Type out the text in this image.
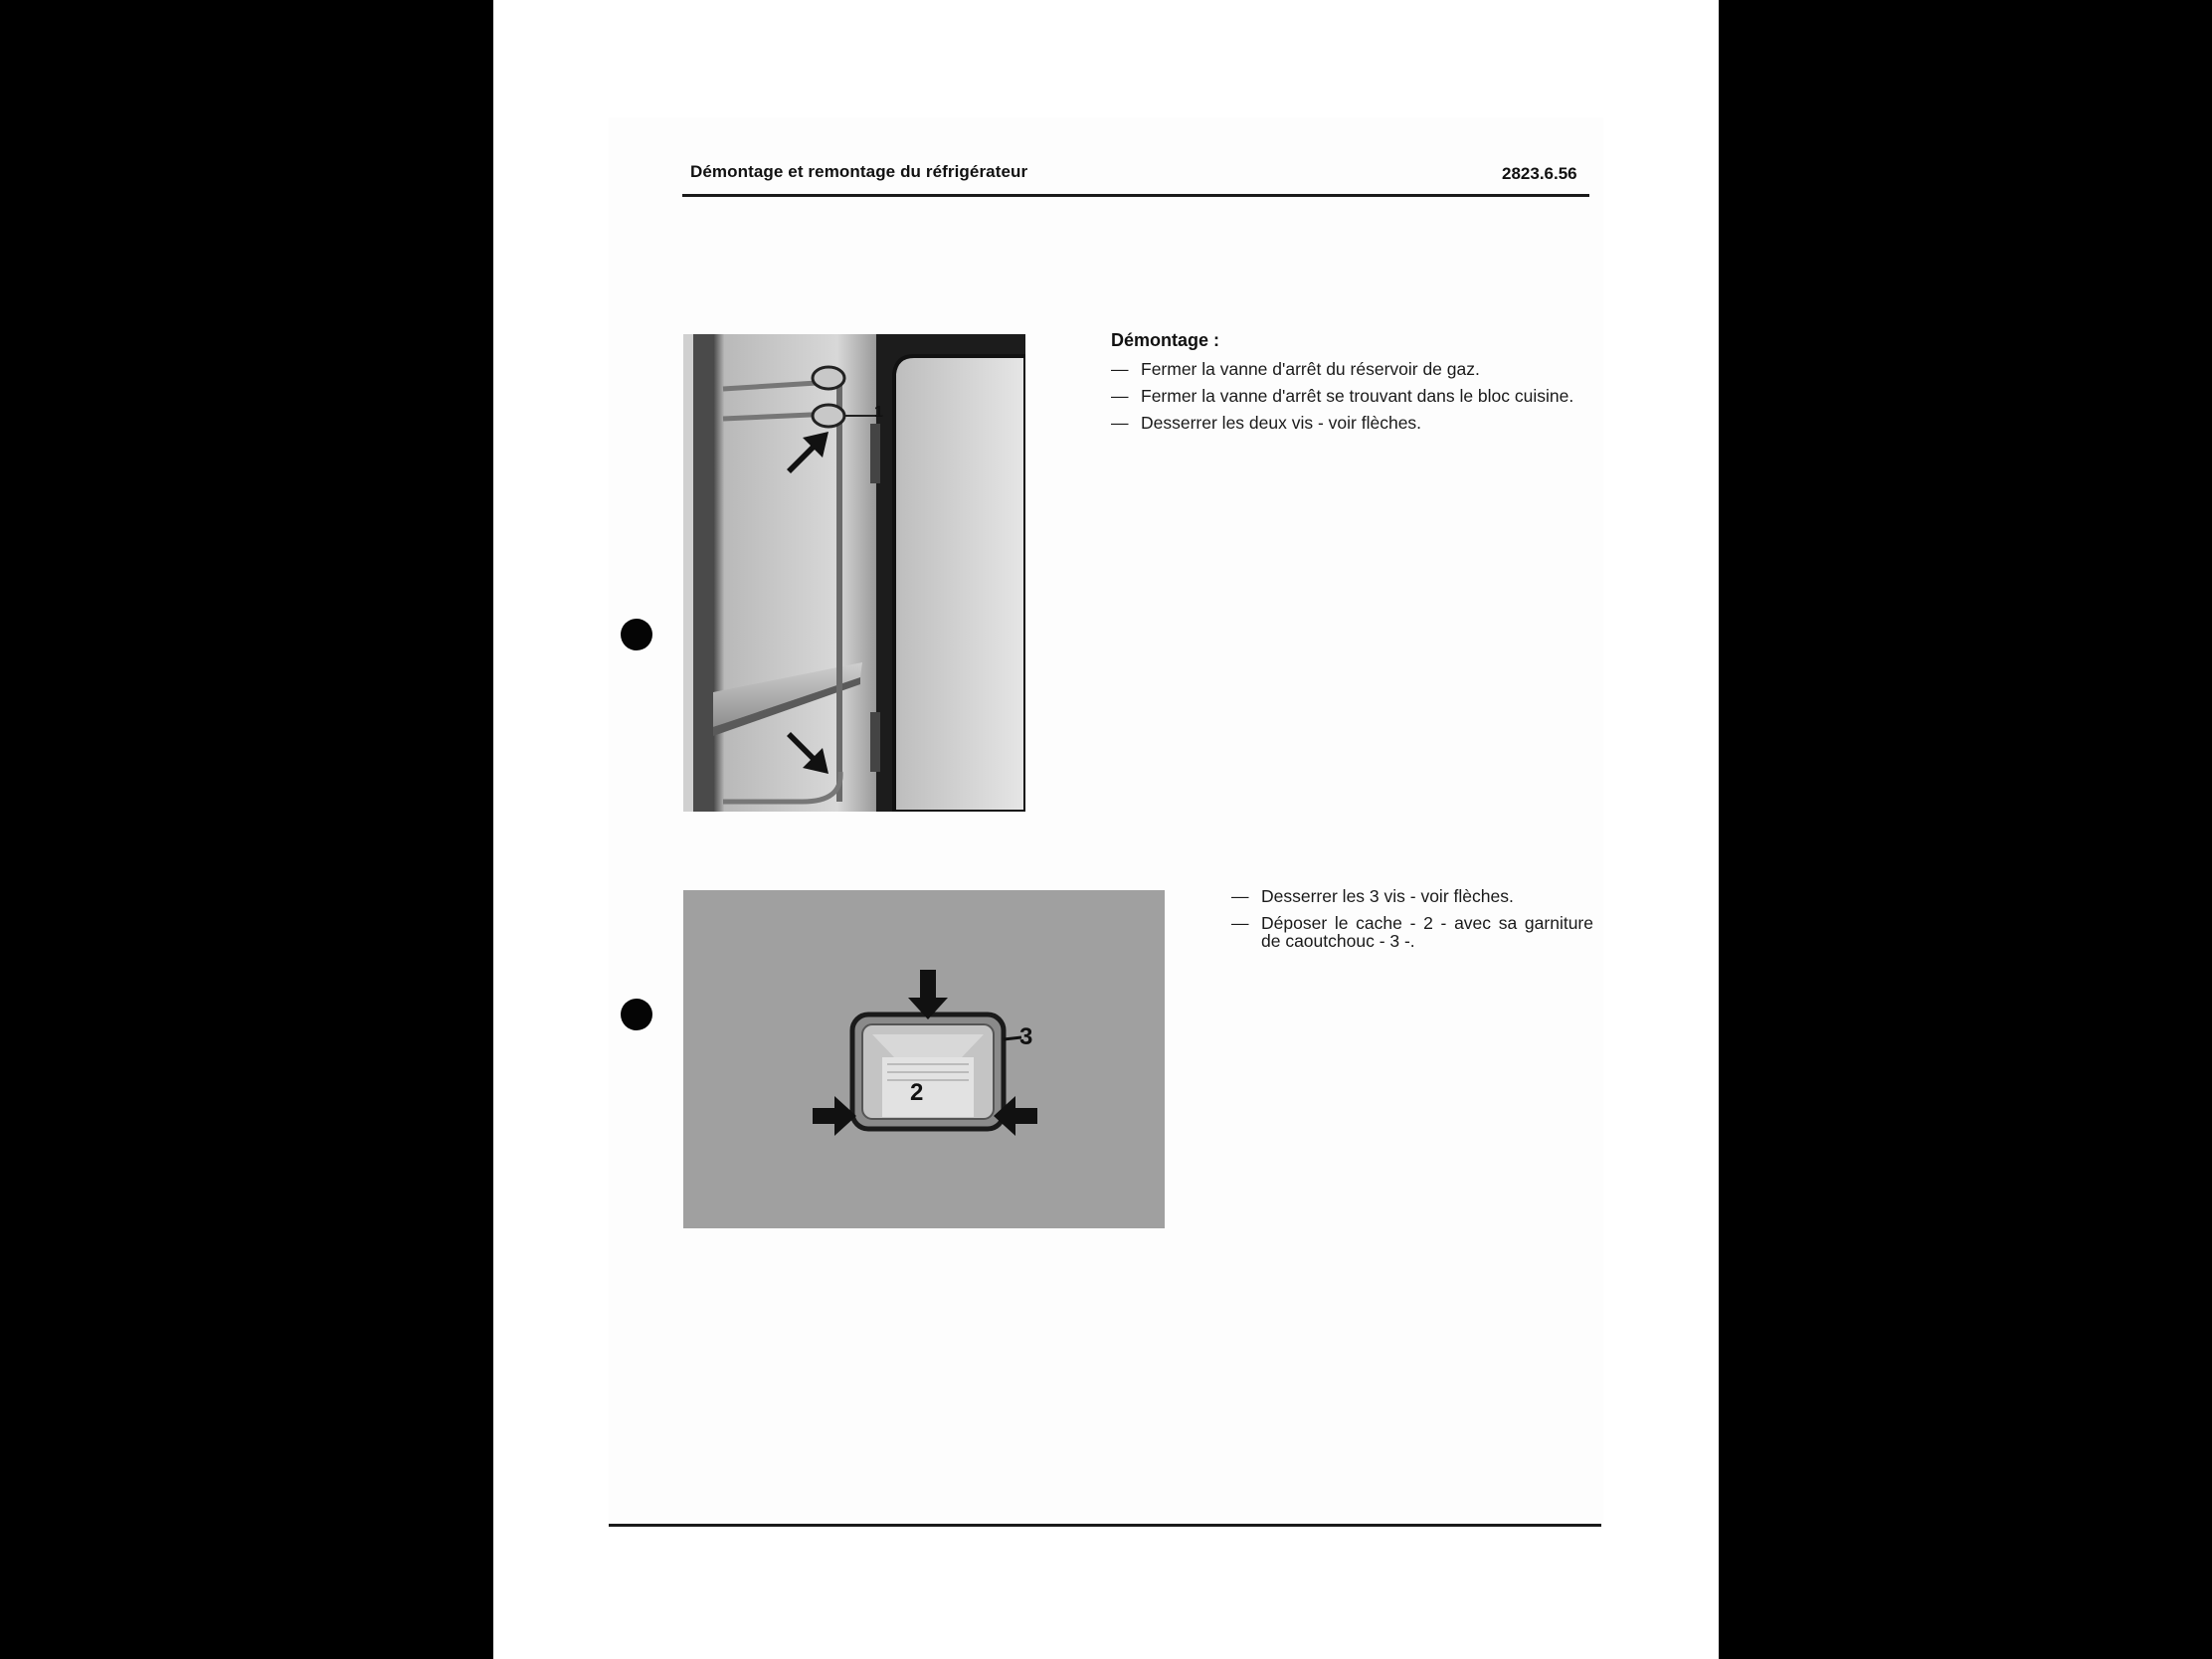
Démontage et remontage du réfrigérateur	2823.6.56
1
Démontage :
— Fermer la vanne d'arrêt du réservoir de gaz.
— Fermer la vanne d'arrêt se trouvant dans le bloc cuisine.
— Desserrer les deux vis - voir flèches.
2
3
— Desserrer les 3 vis - voir flèches.
— Déposer le cache - 2 - avec sa garniture de caoutchouc - 3 -.
